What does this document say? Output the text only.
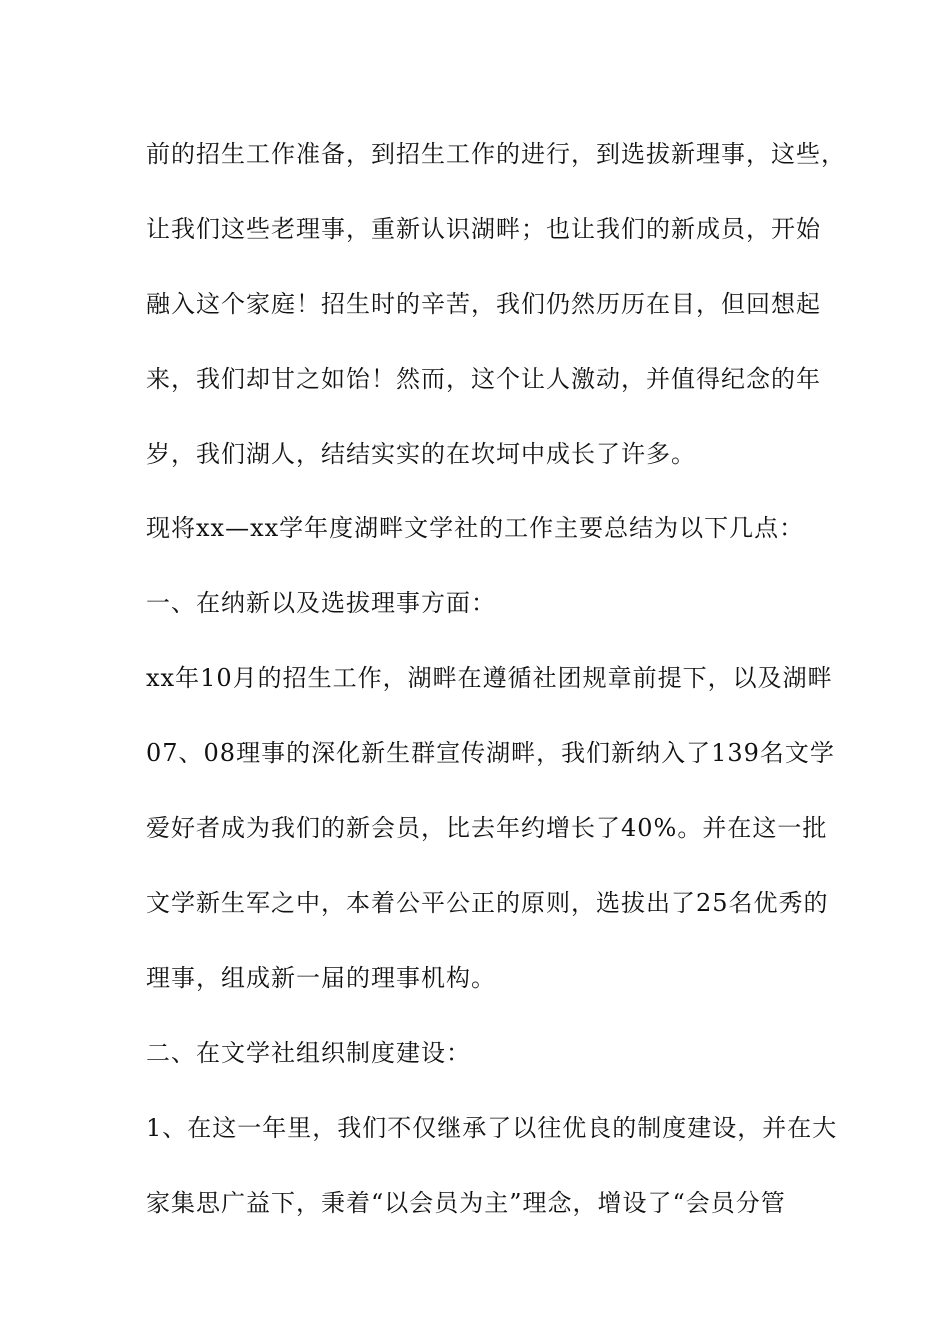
前的招生工作准备，到招生工作的进行，到选拔新理事，这些，
让我们这些老理事，重新认识湖畔；也让我们的新成员，开始
融入这个家庭！招生时的辛苦，我们仍然历历在目，但回想起
来，我们却甘之如饴！然而，这个让人激动，并值得纪念的年
岁，我们湖人，结结实实的在坎坷中成长了许多。
现将xx—xx学年度湖畔文学社的工作主要总结为以下几点：
一、在纳新以及选拔理事方面：
xx年10月的招生工作，湖畔在遵循社团规章前提下，以及湖畔
07、08理事的深化新生群宣传湖畔，我们新纳入了139名文学
爱好者成为我们的新会员，比去年约增长了40%。并在这一批
文学新生军之中，本着公平公正的原则，选拔出了25名优秀的
理事，组成新一届的理事机构。
二、在文学社组织制度建设：
1、在这一年里，我们不仅继承了以往优良的制度建设，并在大
家集思广益下，秉着“以会员为主”理念，增设了“会员分管
